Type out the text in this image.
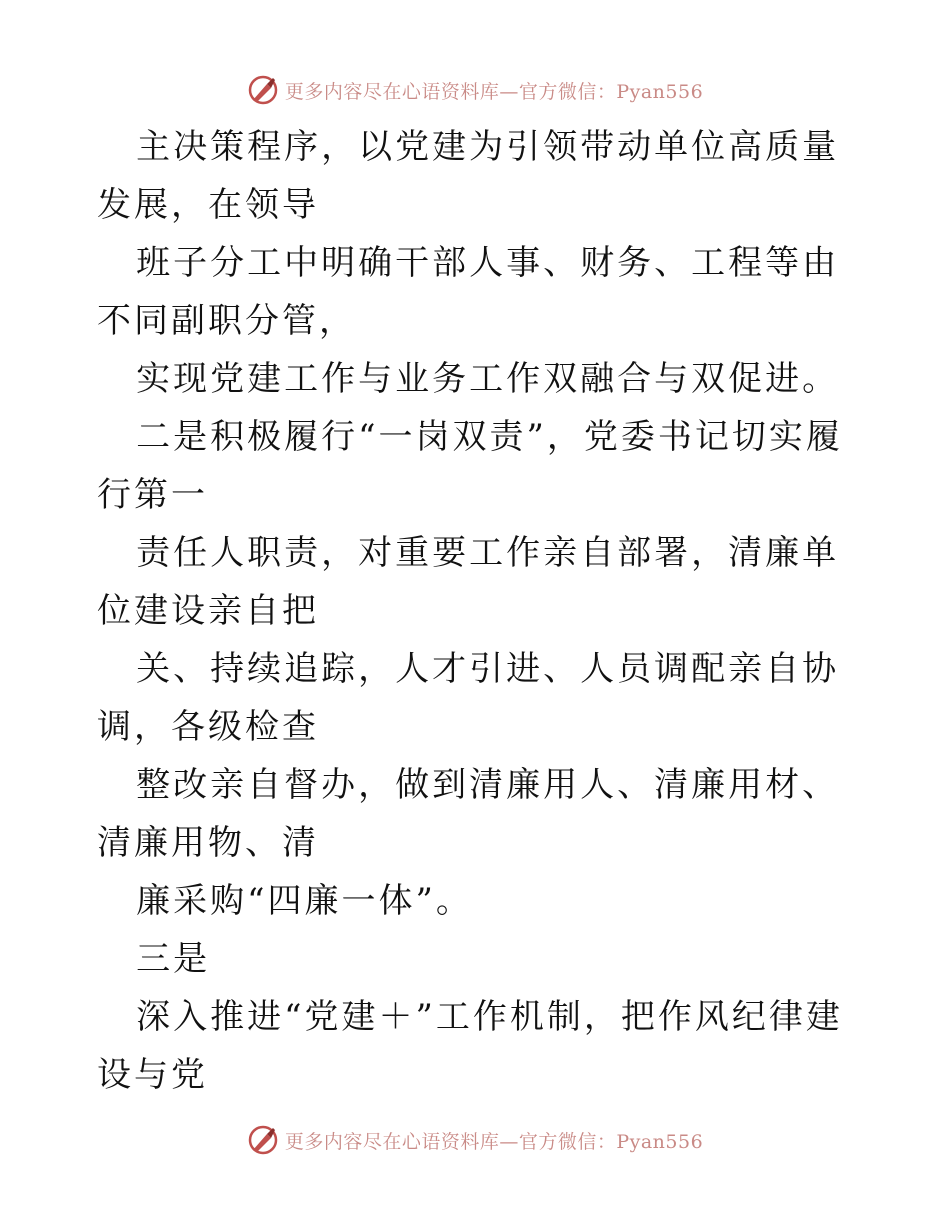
更多内容尽在心语资料库—官方微信：Pyan556

主决策程序，以党建为引领带动单位高质量发展，在领导

班子分工中明确干部人事、财务、工程等由不同副职分管，

实现党建工作与业务工作双融合与双促进。

二是积极履行“一岗双责”，党委书记切实履行第一

责任人职责，对重要工作亲自部署，清廉单位建设亲自把

关、持续追踪，人才引进、人员调配亲自协调，各级检查

整改亲自督办，做到清廉用人、清廉用材、清廉用物、清

廉采购“四廉一体”。

三是

深入推进“党建＋”工作机制，把作风纪律建设与党

更多内容尽在心语资料库—官方微信：Pyan556
